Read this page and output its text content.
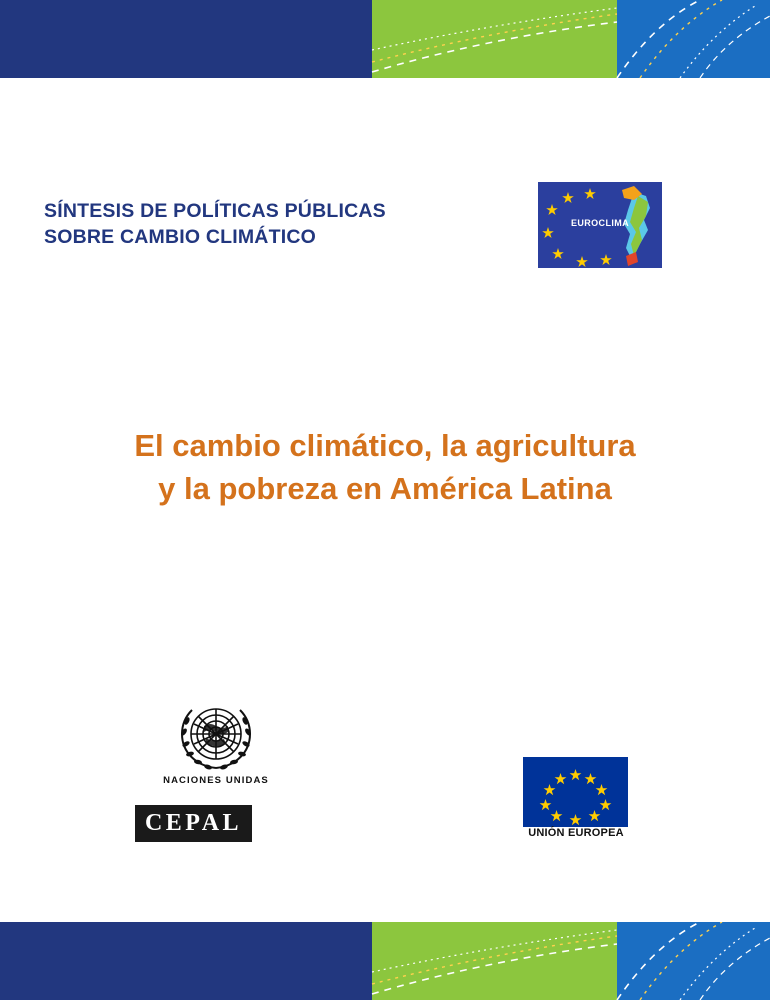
SÍNTESIS DE POLÍTICAS PÚBLICAS
SOBRE CAMBIO CLIMÁTICO
EUROCLIMA
El cambio climático, la agricultura
y la pobreza en América Latina
NACIONES UNIDAS
CEPAL	UNIÓN EUROPEA
